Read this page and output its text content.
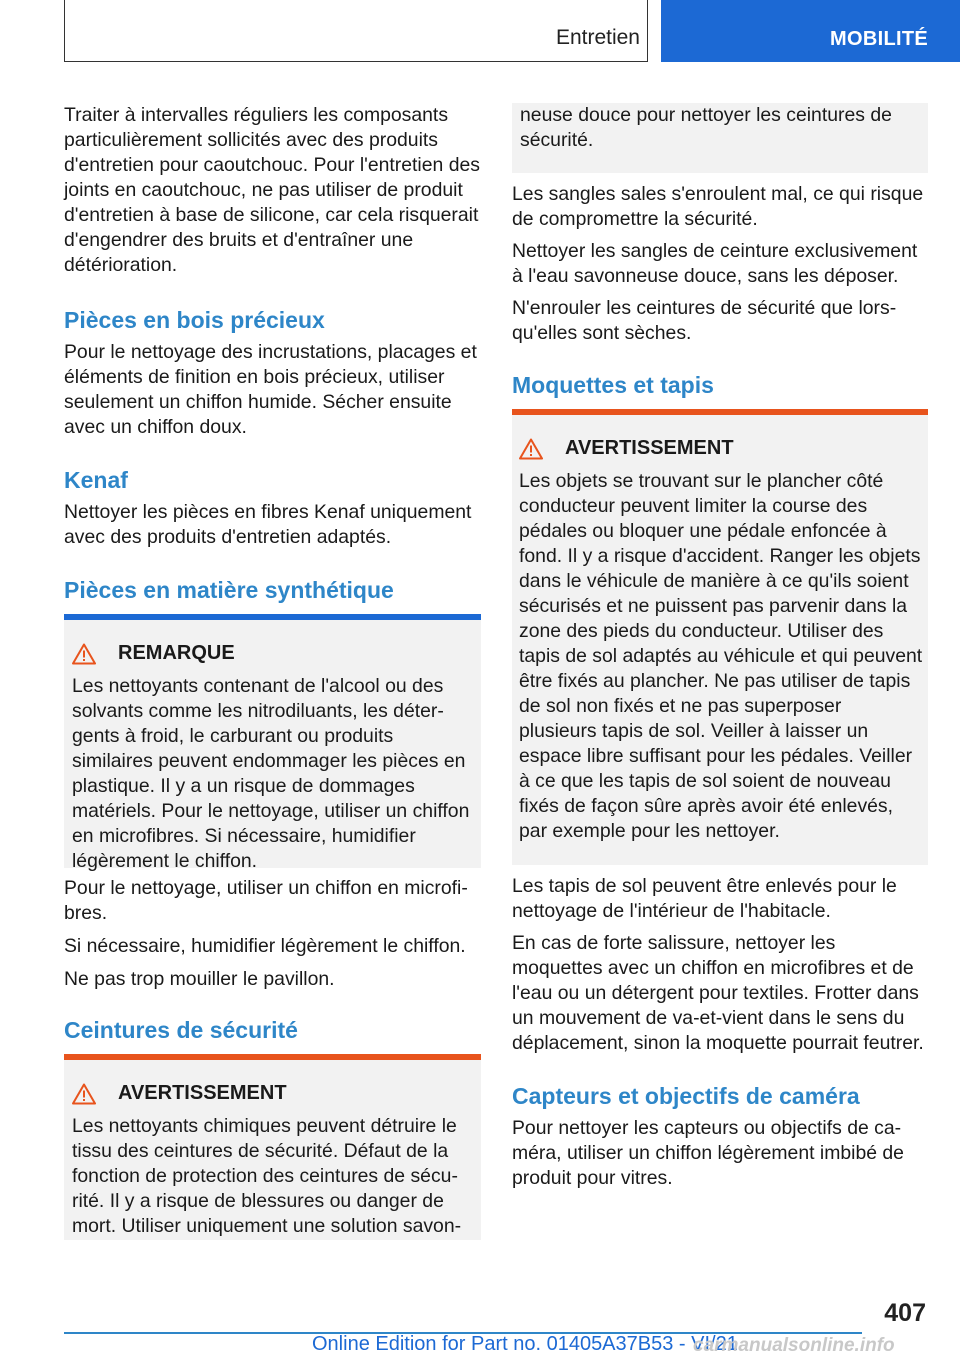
Entretien	MOBILITÉ

Traiter à intervalles réguliers les composants particulièrement sollicités avec des produits d'entretien pour caoutchouc. Pour l'entretien des joints en caoutchouc, ne pas utiliser de produit d'entretien à base de silicone, car cela risquerait d'engendrer des bruits et d'entraîner une détérioration.

Pièces en bois précieux

Pour le nettoyage des incrustations, placages et éléments de finition en bois précieux, utiliser seulement un chiffon humide. Sécher ensuite avec un chiffon doux.

Kenaf

Nettoyer les pièces en fibres Kenaf uniquement avec des produits d'entretien adaptés.

Pièces en matière synthétique
REMARQUE

Les nettoyants contenant de l'alcool ou des solvants comme les nitrodiluants, les détergents à froid, le carburant ou produits similaires peuvent endommager les pièces en plastique. Il y a un risque de dommages matériels. Pour le nettoyage, utiliser un chiffon en microfibres. Si nécessaire, humidifier légèrement le chiffon.

Pour le nettoyage, utiliser un chiffon en microfibres.

Si nécessaire, humidifier légèrement le chiffon.

Ne pas trop mouiller le pavillon.

Ceintures de sécurité
AVERTISSEMENT

Les nettoyants chimiques peuvent détruire le tissu des ceintures de sécurité. Défaut de la fonction de protection des ceintures de sécurité. Il y a risque de blessures ou danger de mort. Utiliser uniquement une solution savon-

neuse douce pour nettoyer les ceintures de sécurité.

Les sangles sales s'enroulent mal, ce qui risque de compromettre la sécurité.

Nettoyer les sangles de ceinture exclusivement à l'eau savonneuse douce, sans les déposer.

N'enrouler les ceintures de sécurité que lorsqu'elles sont sèches.

Moquettes et tapis
AVERTISSEMENT

Les objets se trouvant sur le plancher côté conducteur peuvent limiter la course des pédales ou bloquer une pédale enfoncée à fond. Il y a risque d'accident. Ranger les objets dans le véhicule de manière à ce qu'ils soient sécurisés et ne puissent pas parvenir dans la zone des pieds du conducteur. Utiliser des tapis de sol adaptés au véhicule et qui peuvent être fixés au plancher. Ne pas utiliser de tapis de sol non fixés et ne pas superposer plusieurs tapis de sol. Veiller à laisser un espace libre suffisant pour les pédales. Veiller à ce que les tapis de sol soient de nouveau fixés de façon sûre après avoir été enlevés, par exemple pour les nettoyer.

Les tapis de sol peuvent être enlevés pour le nettoyage de l'intérieur de l'habitacle.

En cas de forte salissure, nettoyer les moquettes avec un chiffon en microfibres et de l'eau ou un détergent pour textiles. Frotter dans un mouvement de va-et-vient dans le sens du déplacement, sinon la moquette pourrait feutrer.

Capteurs et objectifs de caméra

Pour nettoyer les capteurs ou objectifs de caméra, utiliser un chiffon légèrement imbibé de produit pour vitres.

407
Online Edition for Part no. 01405A37B53 - VI/21
carmanualsonline.info
